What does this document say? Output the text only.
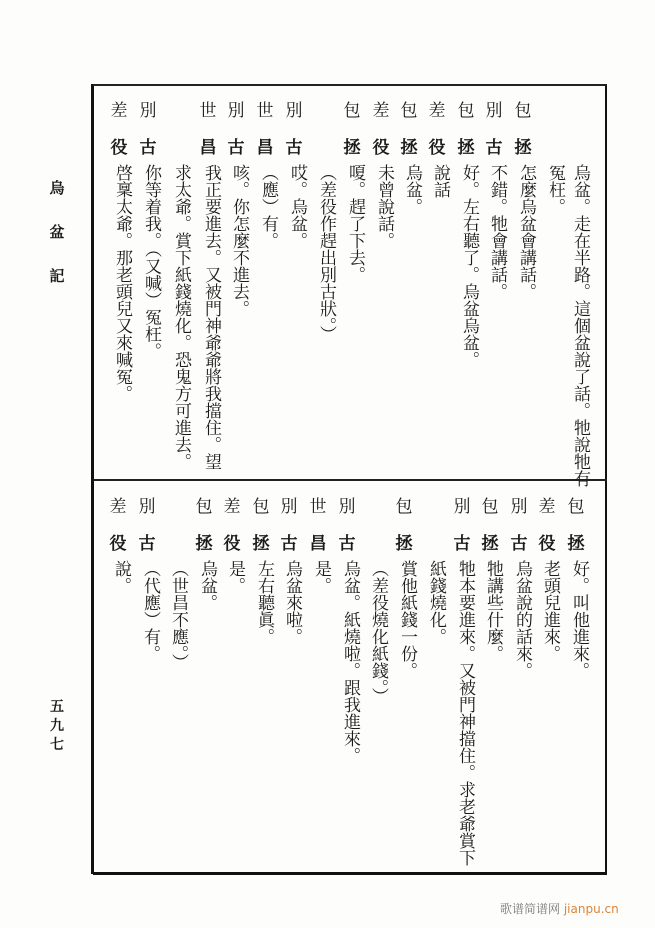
烏
盆
記
五
九
七
烏盆。走在半路。這個盆說了話。牠說牠有
冤枉。
包
拯
怎麼烏盆會講話。
別
古
不錯。牠會講話。
包
拯
好。左右聽了。烏盆烏盆。
差
役
說話
包
拯
烏盆。
差
役
未曾說話。
包
拯
嗄。趕了下去。
（差役作趕出別古狀。）
別
古
哎。烏盆。
世
昌
（應）有。
別
古
咳。你怎麼不進去。
世
昌
我正要進去。又被門神爺爺將我擋住。望
求太爺。賞下紙錢燒化。恐鬼方可進去。
別
古
你等着我。（又喊）冤枉。
差
役
啓稟太爺。那老頭兒又來喊冤。
包
拯
好。叫他進來。
差
役
老頭兒進來。
別
古
烏盆說的話來。
包
拯
牠講些什麼。
別
古
牠本要進來。又被門神擋住。求老爺賞下
紙錢燒化。
包
拯
賞他紙錢一份。
（差役燒化紙錢。）
別
古
烏盆。紙燒啦。跟我進來。
世
昌
是。
別
古
烏盆來啦。
包
拯
左右聽眞。
差
役
是。
包
拯
烏盆。
（世昌不應。）
別
古
（代應）有。
差
役
說。
歌谱简谱网 jianpu.cn
